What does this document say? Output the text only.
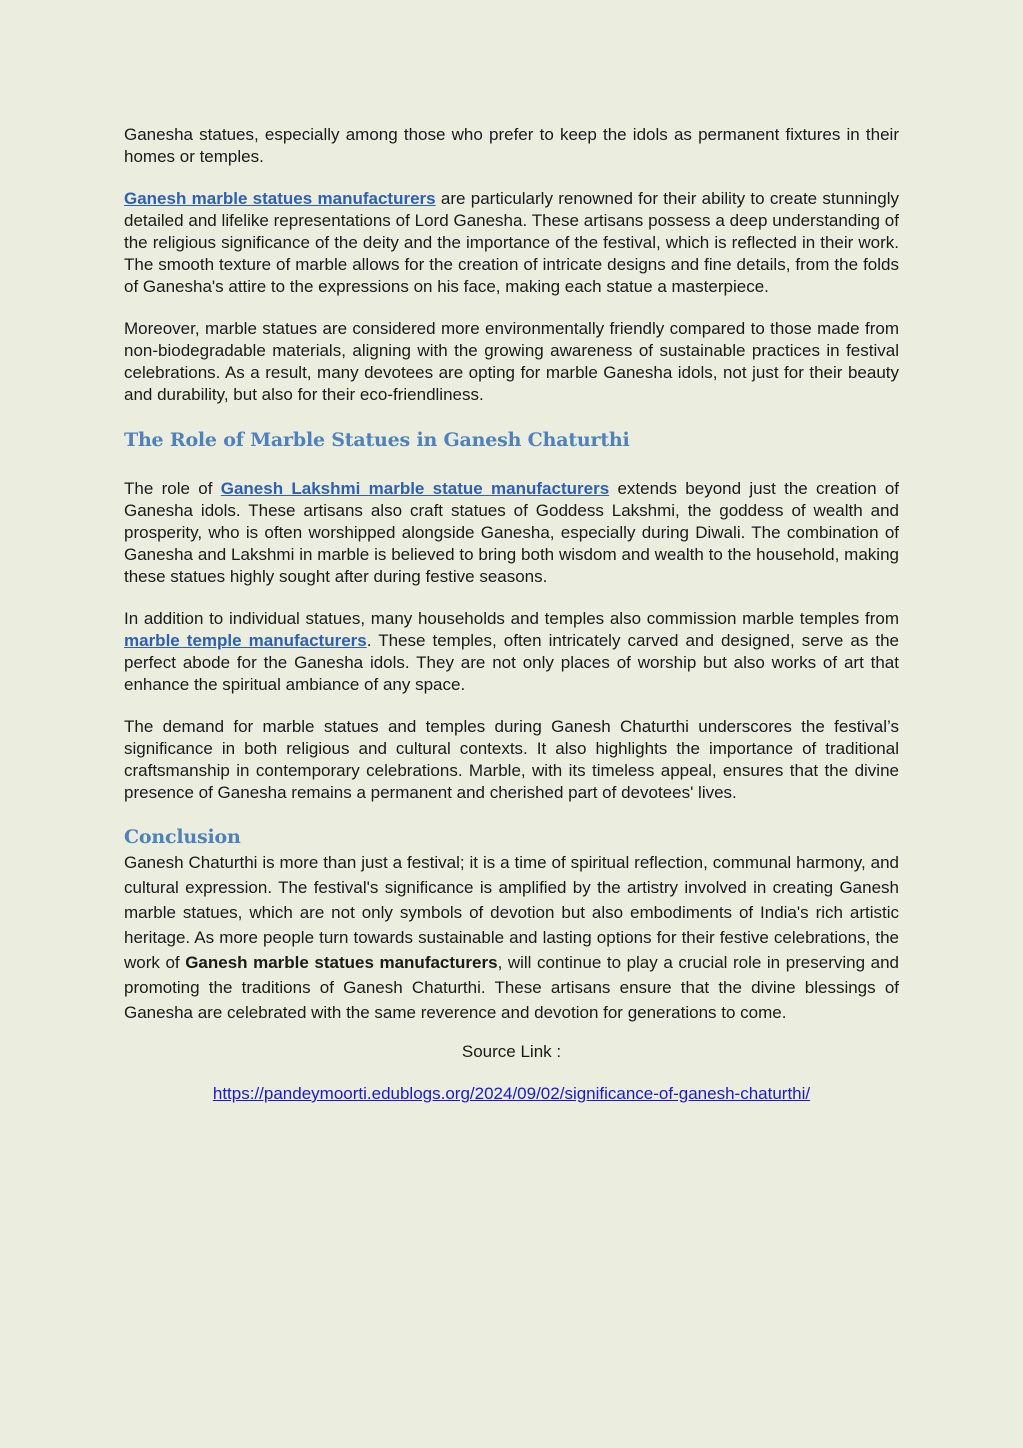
Ganesha statues, especially among those who prefer to keep the idols as permanent fixtures in their homes or temples.

Ganesh marble statues manufacturers are particularly renowned for their ability to create stunningly detailed and lifelike representations of Lord Ganesha. These artisans possess a deep understanding of the religious significance of the deity and the importance of the festival, which is reflected in their work. The smooth texture of marble allows for the creation of intricate designs and fine details, from the folds of Ganesha's attire to the expressions on his face, making each statue a masterpiece.

Moreover, marble statues are considered more environmentally friendly compared to those made from non-biodegradable materials, aligning with the growing awareness of sustainable practices in festival celebrations. As a result, many devotees are opting for marble Ganesha idols, not just for their beauty and durability, but also for their eco-friendliness.

The Role of Marble Statues in Ganesh Chaturthi

The role of Ganesh Lakshmi marble statue manufacturers extends beyond just the creation of Ganesha idols. These artisans also craft statues of Goddess Lakshmi, the goddess of wealth and prosperity, who is often worshipped alongside Ganesha, especially during Diwali. The combination of Ganesha and Lakshmi in marble is believed to bring both wisdom and wealth to the household, making these statues highly sought after during festive seasons.

In addition to individual statues, many households and temples also commission marble temples from marble temple manufacturers. These temples, often intricately carved and designed, serve as the perfect abode for the Ganesha idols. They are not only places of worship but also works of art that enhance the spiritual ambiance of any space.

The demand for marble statues and temples during Ganesh Chaturthi underscores the festival’s significance in both religious and cultural contexts. It also highlights the importance of traditional craftsmanship in contemporary celebrations. Marble, with its timeless appeal, ensures that the divine presence of Ganesha remains a permanent and cherished part of devotees' lives.

Conclusion

Ganesh Chaturthi is more than just a festival; it is a time of spiritual reflection, communal harmony, and cultural expression. The festival's significance is amplified by the artistry involved in creating Ganesh marble statues, which are not only symbols of devotion but also embodiments of India's rich artistic heritage. As more people turn towards sustainable and lasting options for their festive celebrations, the work of Ganesh marble statues manufacturers, will continue to play a crucial role in preserving and promoting the traditions of Ganesh Chaturthi. These artisans ensure that the divine blessings of Ganesha are celebrated with the same reverence and devotion for generations to come.

Source Link :
https://pandeymoorti.edublogs.org/2024/09/02/significance-of-ganesh-chaturthi/
